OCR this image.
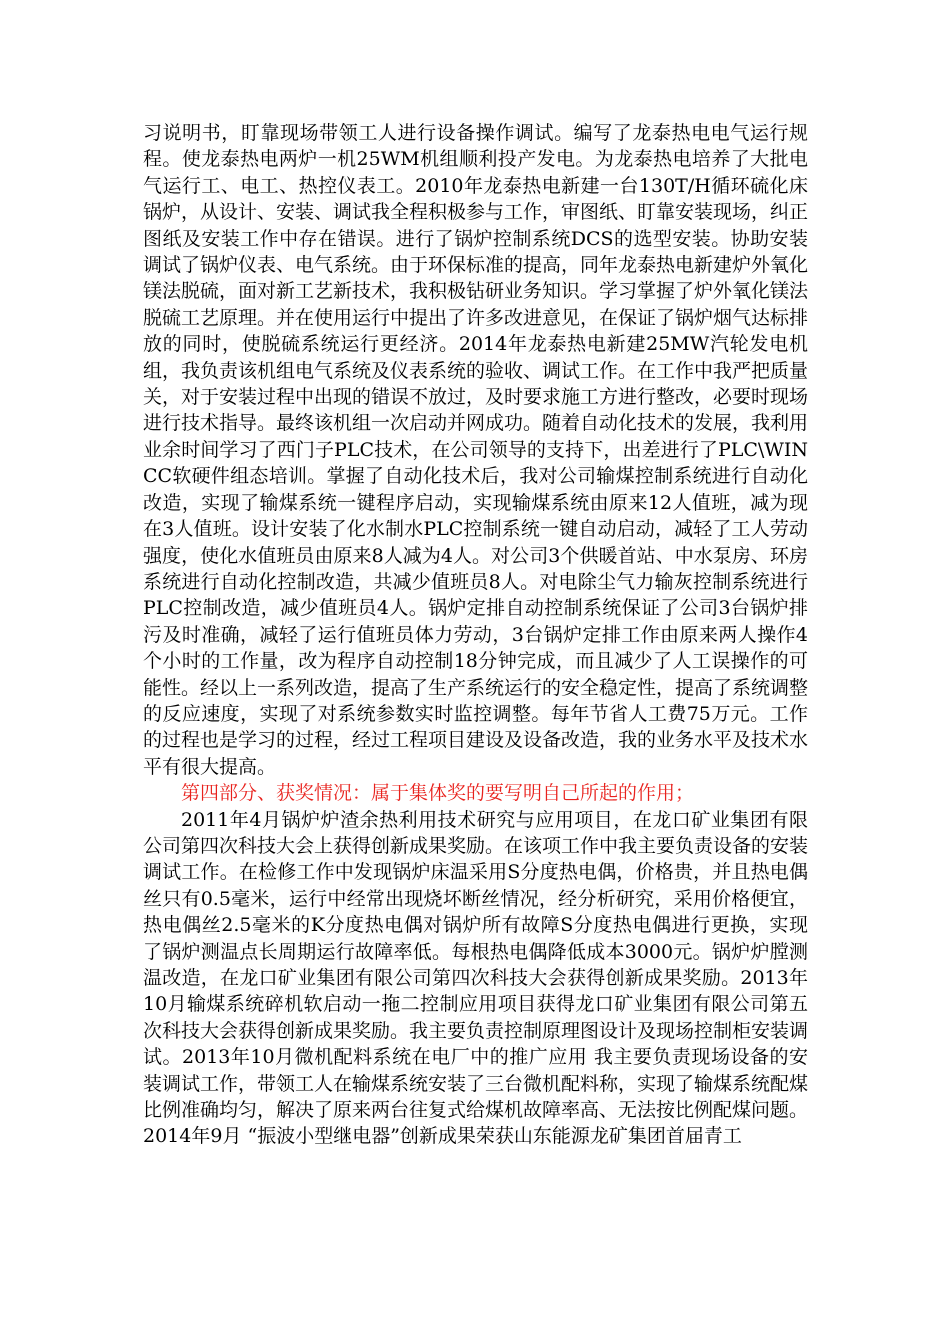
习说明书，盯靠现场带领工人进行设备操作调试。编写了龙泰热电电气运行规程。使龙泰热电两炉一机25WM机组顺利投产发电。为龙泰热电培养了大批电气运行工、电工、热控仪表工。2010年龙泰热电新建一台130T/H循环硫化床锅炉，从设计、安装、调试我全程积极参与工作，审图纸、盯靠安装现场，纠正图纸及安装工作中存在错误。进行了锅炉控制系统DCS的选型安装。协助安装调试了锅炉仪表、电气系统。由于环保标准的提高，同年龙泰热电新建炉外氧化镁法脱硫，面对新工艺新技术，我积极钻研业务知识。学习掌握了炉外氧化镁法脱硫工艺原理。并在使用运行中提出了许多改进意见，在保证了锅炉烟气达标排放的同时，使脱硫系统运行更经济。2014年龙泰热电新建25MW汽轮发电机组，我负责该机组电气系统及仪表系统的验收、调试工作。在工作中我严把质量关，对于安装过程中出现的错误不放过，及时要求施工方进行整改，必要时现场进行技术指导。最终该机组一次启动并网成功。随着自动化技术的发展，我利用业余时间学习了西门子PLC技术，在公司领导的支持下，出差进行了PLC\WINCC软硬件组态培训。掌握了自动化技术后，我对公司输煤控制系统进行自动化改造，实现了输煤系统一键程序启动，实现输煤系统由原来12人值班，减为现在3人值班。设计安装了化水制水PLC控制系统一键自动启动，减轻了工人劳动强度，使化水值班员由原来8人减为4人。对公司3个供暖首站、中水泵房、环房系统进行自动化控制改造，共减少值班员8人。对电除尘气力输灰控制系统进行PLC控制改造，减少值班员4人。锅炉定排自动控制系统保证了公司3台锅炉排污及时准确，减轻了运行值班员体力劳动，3台锅炉定排工作由原来两人操作4个小时的工作量，改为程序自动控制18分钟完成，而且减少了人工误操作的可能性。经以上一系列改造，提高了生产系统运行的安全稳定性，提高了系统调整的反应速度，实现了对系统参数实时监控调整。每年节省人工费75万元。工作的过程也是学习的过程，经过工程项目建设及设备改造，我的业务水平及技术水平有很大提高。

第四部分、获奖情况：属于集体奖的要写明自己所起的作用；

2011年4月锅炉炉渣余热利用技术研究与应用项目，在龙口矿业集团有限公司第四次科技大会上获得创新成果奖励。在该项工作中我主要负责设备的安装调试工作。在检修工作中发现锅炉床温采用S分度热电偶，价格贵，并且热电偶丝只有0.5毫米，运行中经常出现烧坏断丝情况，经分析研究，采用价格便宜，热电偶丝2.5毫米的K分度热电偶对锅炉所有故障S分度热电偶进行更换，实现了锅炉测温点长周期运行故障率低。每根热电偶降低成本3000元。锅炉炉膛测温改造，在龙口矿业集团有限公司第四次科技大会获得创新成果奖励。2013年10月输煤系统碎机软启动一拖二控制应用项目获得龙口矿业集团有限公司第五次科技大会获得创新成果奖励。我主要负责控制原理图设计及现场控制柜安装调试。2013年10月微机配料系统在电厂中的推广应用 我主要负责现场设备的安装调试工作，带领工人在输煤系统安装了三台微机配料称，实现了输煤系统配煤比例准确均匀，解决了原来两台往复式给煤机故障率高、无法按比例配煤问题。2014年9月 “振波小型继电器”创新成果荣获山东能源龙矿集团首届青工
